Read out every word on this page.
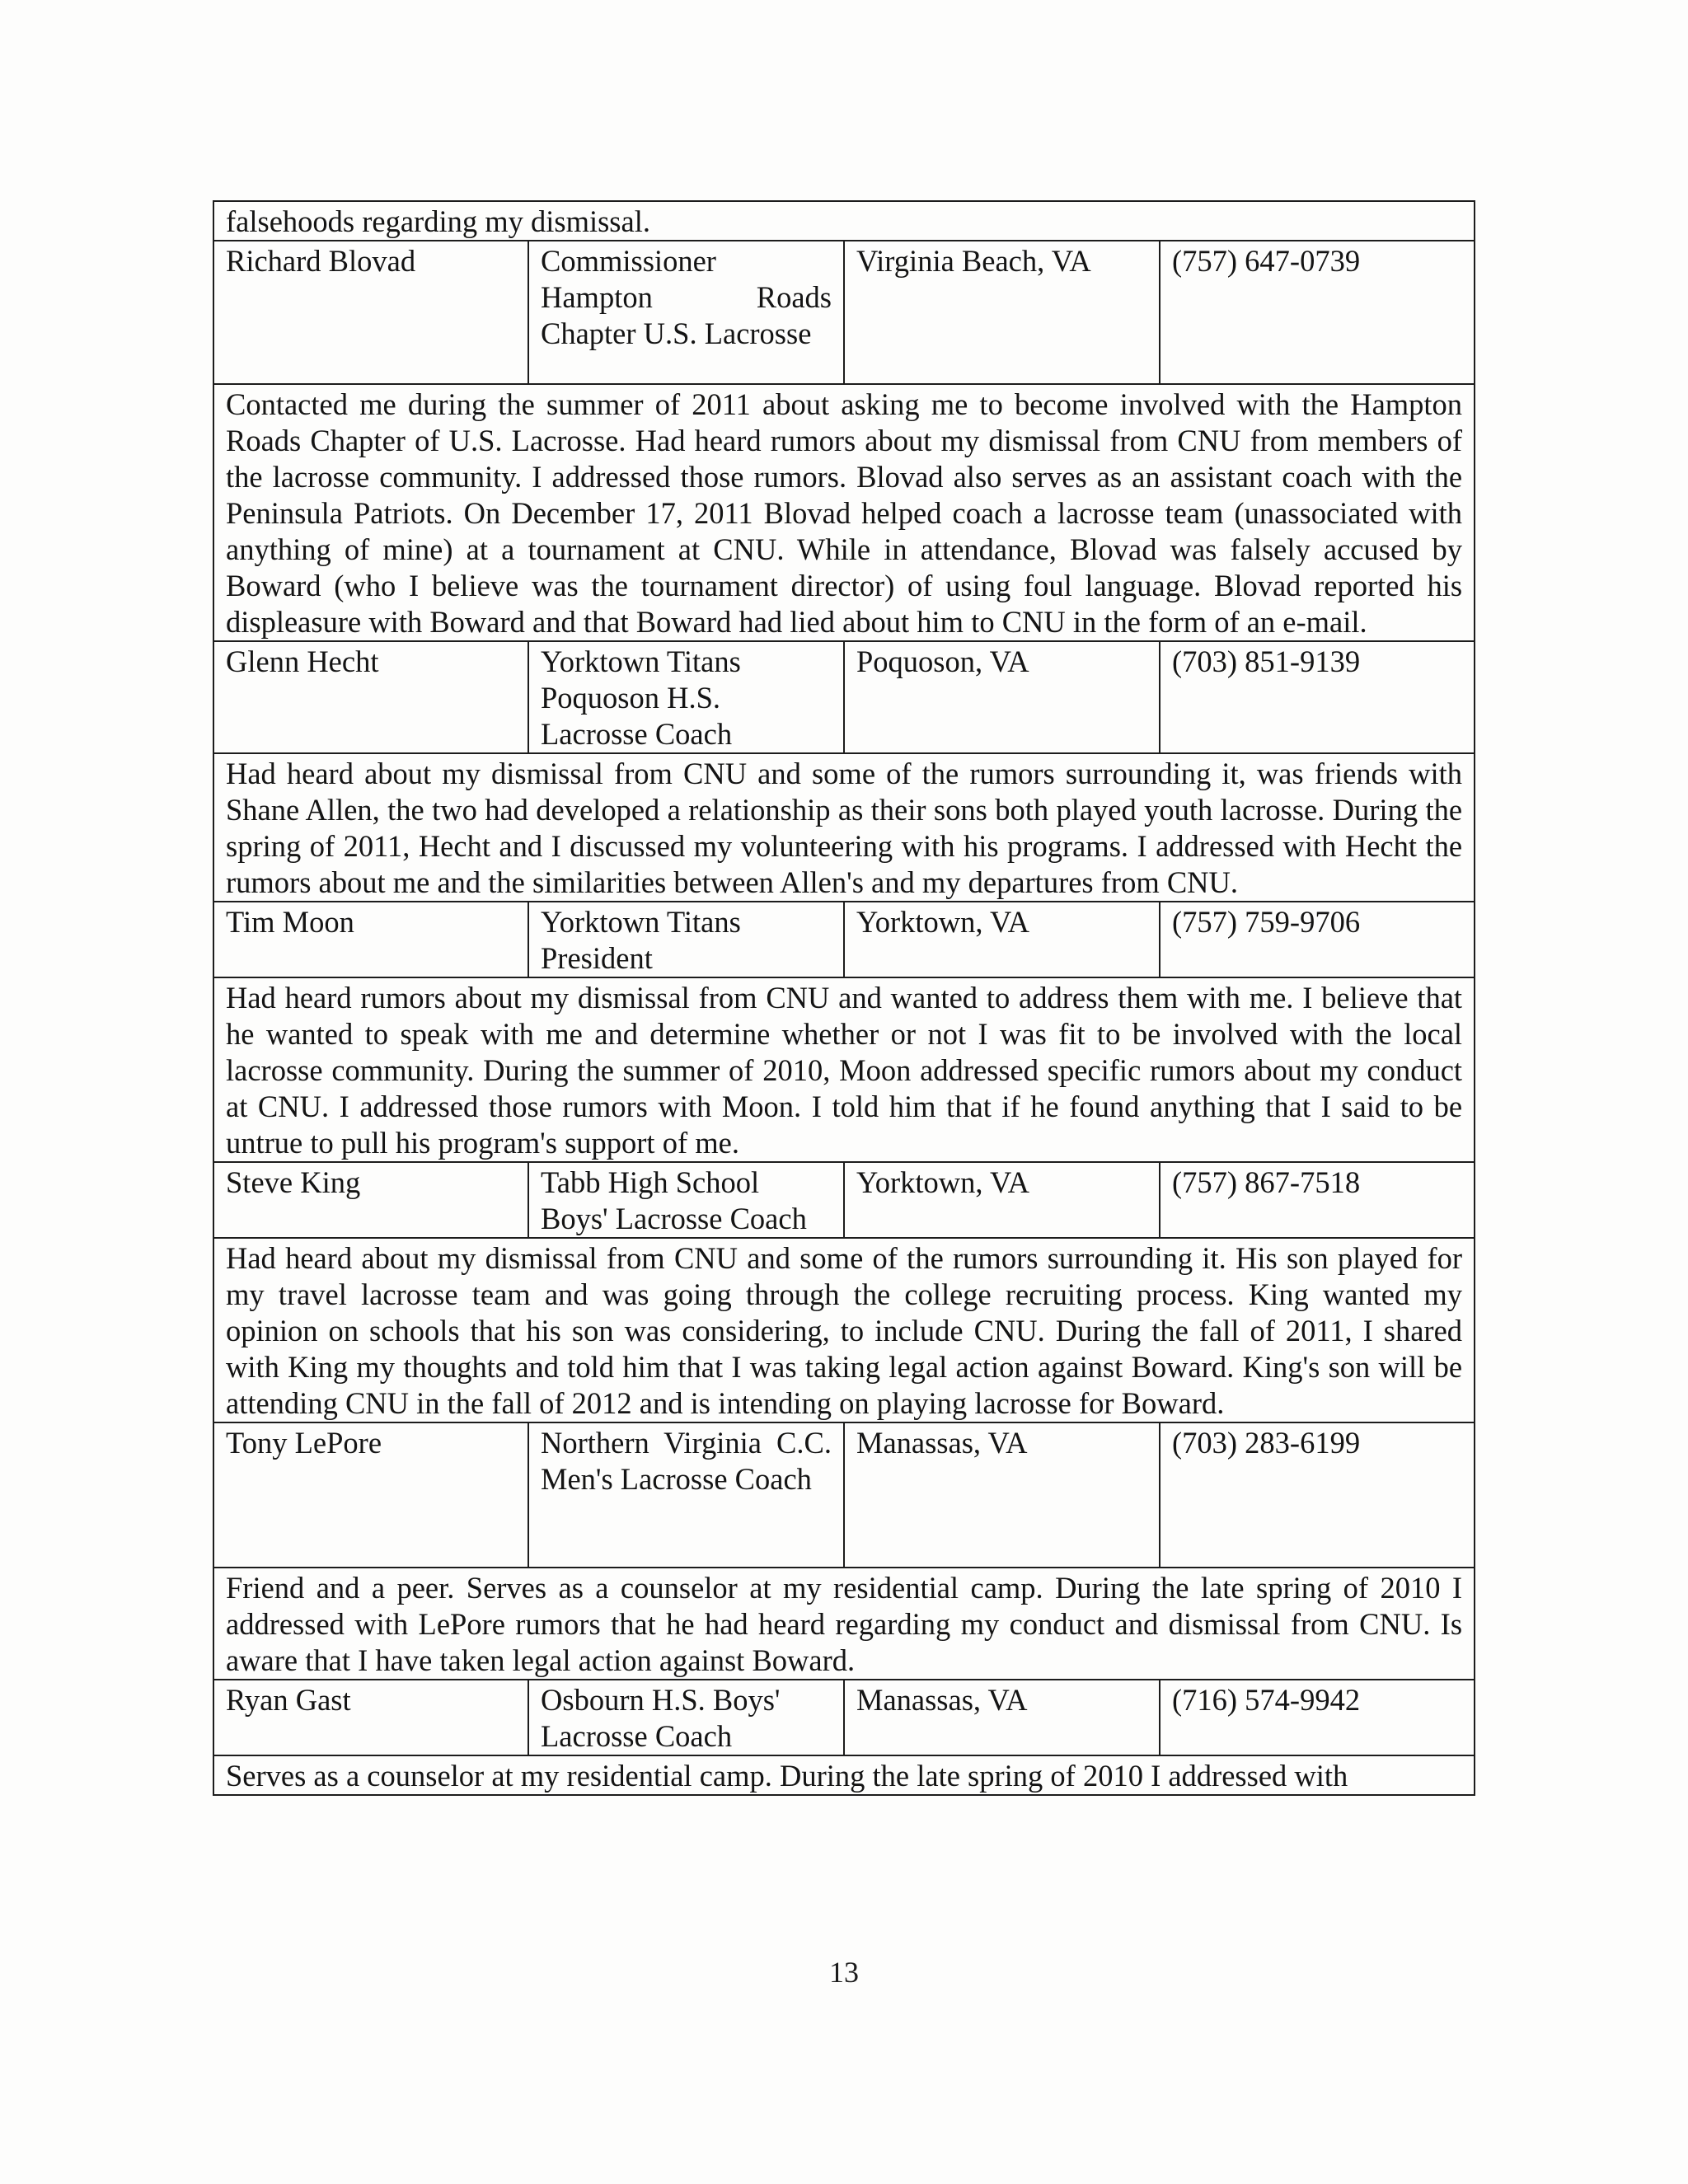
falsehoods regarding my dismissal.			
Richard Blovad	Commissioner Hampton Roads Chapter U.S. Lacrosse	Virginia Beach, VA	(757) 647-0739
Contacted me during the summer of 2011 about asking me to become involved with the Hampton Roads Chapter of U.S. Lacrosse. Had heard rumors about my dismissal from CNU from members of the lacrosse community. I addressed those rumors. Blovad also serves as an assistant coach with the Peninsula Patriots. On December 17, 2011 Blovad helped coach a lacrosse team (unassociated with anything of mine) at a tournament at CNU. While in attendance, Blovad was falsely accused by Boward (who I believe was the tournament director) of using foul language. Blovad reported his displeasure with Boward and that Boward had lied about him to CNU in the form of an e-mail.			
Glenn Hecht	Yorktown Titans Poquoson H.S. Lacrosse Coach	Poquoson, VA	(703) 851-9139
Had heard about my dismissal from CNU and some of the rumors surrounding it, was friends with Shane Allen, the two had developed a relationship as their sons both played youth lacrosse. During the spring of 2011, Hecht and I discussed my volunteering with his programs. I addressed with Hecht the rumors about me and the similarities between Allen's and my departures from CNU.			
Tim Moon	Yorktown Titans President	Yorktown, VA	(757) 759-9706
Had heard rumors about my dismissal from CNU and wanted to address them with me. I believe that he wanted to speak with me and determine whether or not I was fit to be involved with the local lacrosse community. During the summer of 2010, Moon addressed specific rumors about my conduct at CNU. I addressed those rumors with Moon. I told him that if he found anything that I said to be untrue to pull his program's support of me.			
Steve King	Tabb High School Boys' Lacrosse Coach	Yorktown, VA	(757) 867-7518
Had heard about my dismissal from CNU and some of the rumors surrounding it. His son played for my travel lacrosse team and was going through the college recruiting process. King wanted my opinion on schools that his son was considering, to include CNU. During the fall of 2011, I shared with King my thoughts and told him that I was taking legal action against Boward. King's son will be attending CNU in the fall of 2012 and is intending on playing lacrosse for Boward.			
Tony LePore	Northern Virginia C.C. Men's Lacrosse Coach	Manassas, VA	(703) 283-6199
Friend and a peer. Serves as a counselor at my residential camp. During the late spring of 2010 I addressed with LePore rumors that he had heard regarding my conduct and dismissal from CNU. Is aware that I have taken legal action against Boward.			
Ryan Gast	Osbourn H.S. Boys' Lacrosse Coach	Manassas, VA	(716) 574-9942
Serves as a counselor at my residential camp. During the late spring of 2010 I addressed with			
13
